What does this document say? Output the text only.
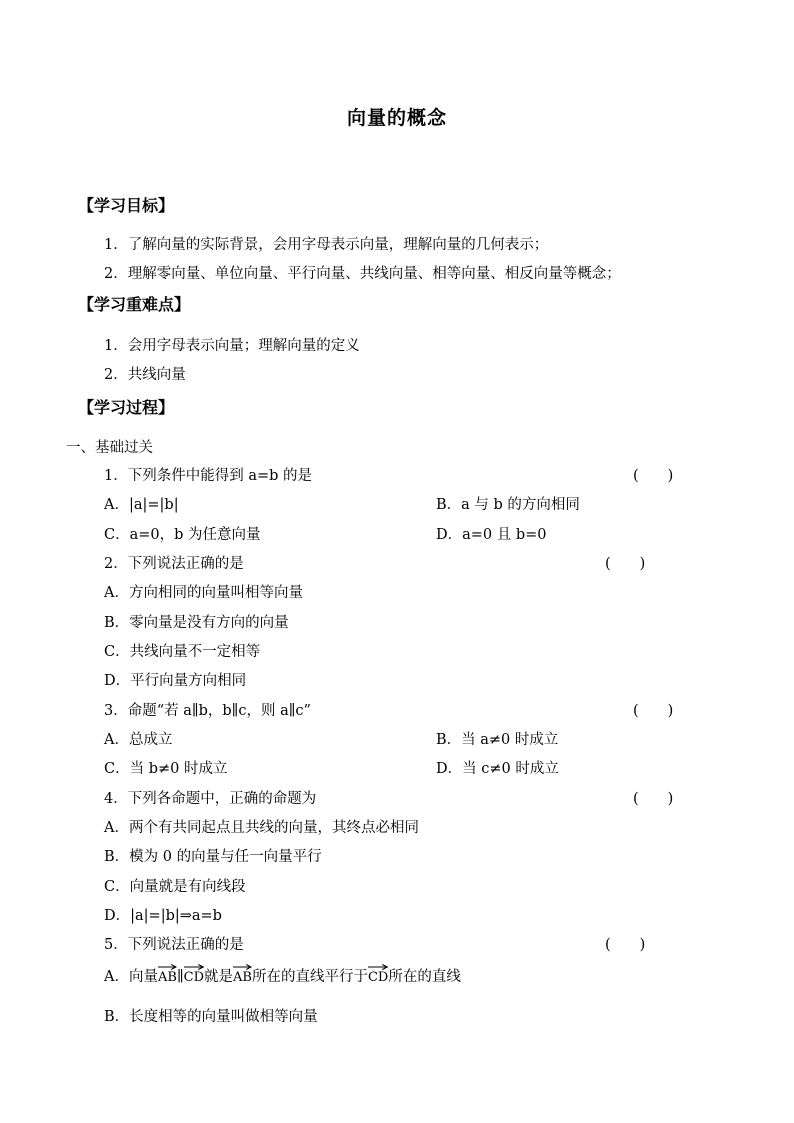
向量的概念
【学习目标】
1．了解向量的实际背景，会用字母表示向量，理解向量的几何表示；
2．理解零向量、单位向量、平行向量、共线向量、相等向量、相反向量等概念；
【学习重难点】
1．会用字母表示向量；理解向量的定义
2．共线向量
【学习过程】
一、基础过关
1．下列条件中能得到 a=b 的是	(　　)
A．|a|=|b|	B．a 与 b 的方向相同
C．a=0，b 为任意向量	D．a=0 且 b=0
2．下列说法正确的是	(　　)
A．方向相同的向量叫相等向量
B．零向量是没有方向的向量
C．共线向量不一定相等
D．平行向量方向相同
3．命题“若 a∥b，b∥c，则 a∥c”	(　　)
A．总成立	B．当 a≠0 时成立
C．当 b≠0 时成立	D．当 c≠0 时成立
4．下列各命题中，正确的命题为	(　　)
A．两个有共同起点且共线的向量，其终点必相同
B．模为 0 的向量与任一向量平行
C．向量就是有向线段
D．|a|=|b|⇒a=b
5．下列说法正确的是	(　　)
A．向量
AB∥
CD就是
AB所在的直线平行于
CD所在的直线
B．长度相等的向量叫做相等向量
